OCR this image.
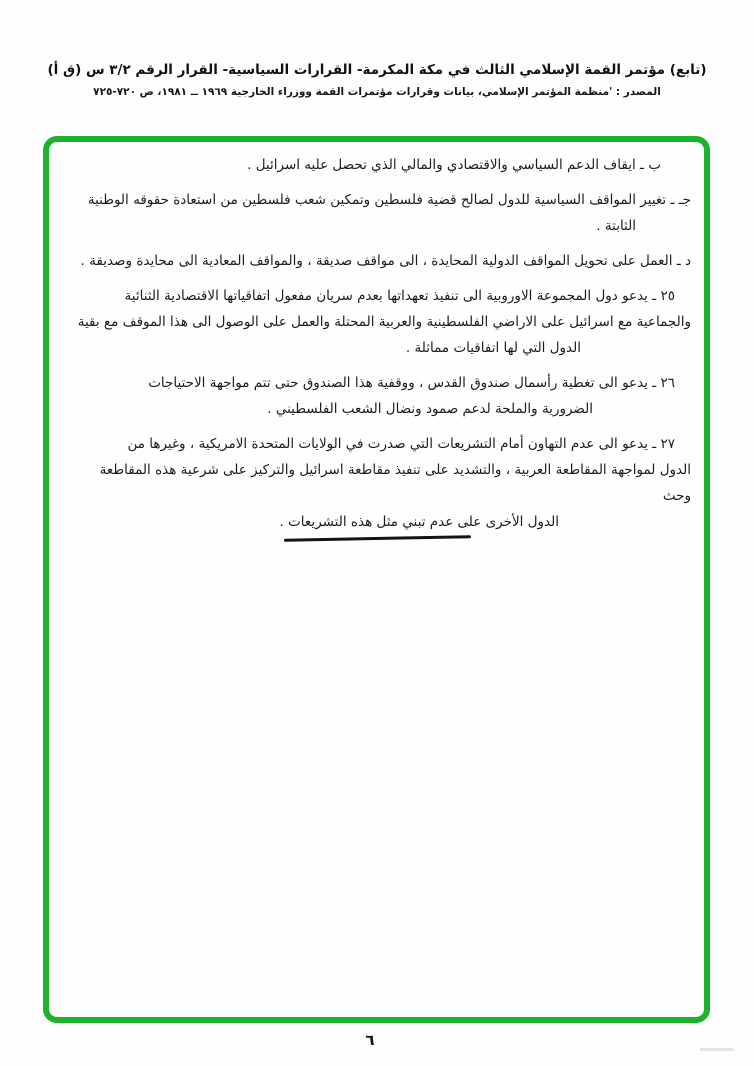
(تابع) مؤتمر القمة الإسلامي الثالث في مكة المكرمة- القرارات السياسية- القرار الرقم ٣/٢ س (ق أ)
المصدر : 'منظمة المؤتمر الإسلامي، بيانات وقرارات مؤتمرات القمة ووزراء الخارجية ١٩٦٩ ــ ١٩٨١، ص ٧٢٠-٧٢٥
ب ـ ايقاف الدعم السياسي والاقتصادي والمالي الذي تحصل عليه اسرائيل .
جـ ـ تغيير المواقف السياسية للدول لصالح قضية فلسطين وتمكين شعب فلسطين من استعادة حقوقه الوطنية
الثابتة .
د ـ العمل على تحويل المواقف الدولية المحايدة ، الى مواقف صديقة ، والمواقف المعادية الى محايدة وصديقة .
٢٥ ـ يدعو دول المجموعة الاوروبية الى تنفيذ تعهداتها بعدم سريان مفعول اتفاقياتها الاقتصادية الثنائية
والجماعية مع اسرائيل على الاراضي الفلسطينية والعربية المحتلة والعمل على الوصول الى هذا الموقف مع بقية
الدول التي لها اتفاقيات مماثلة .
٢٦ ـ يدعو الى تغطية رأسمال صندوق القدس ، ووقفية هذا الصندوق حتى تتم مواجهة الاحتياجات
الضرورية والملحة لدعم صمود ونضال الشعب الفلسطيني .
٢٧ ـ يدعو الى عدم التهاون أمام التشريعات التي صدرت في الولايات المتحدة الامريكية ، وغيرها من
الدول لمواجهة المقاطعة العربية ، والتشديد على تنفيذ مقاطعة اسرائيل والتركيز على شرعية هذه المقاطعة وحث
الدول الأخرى على عدم تبني مثل هذه التشريعات .
٦
